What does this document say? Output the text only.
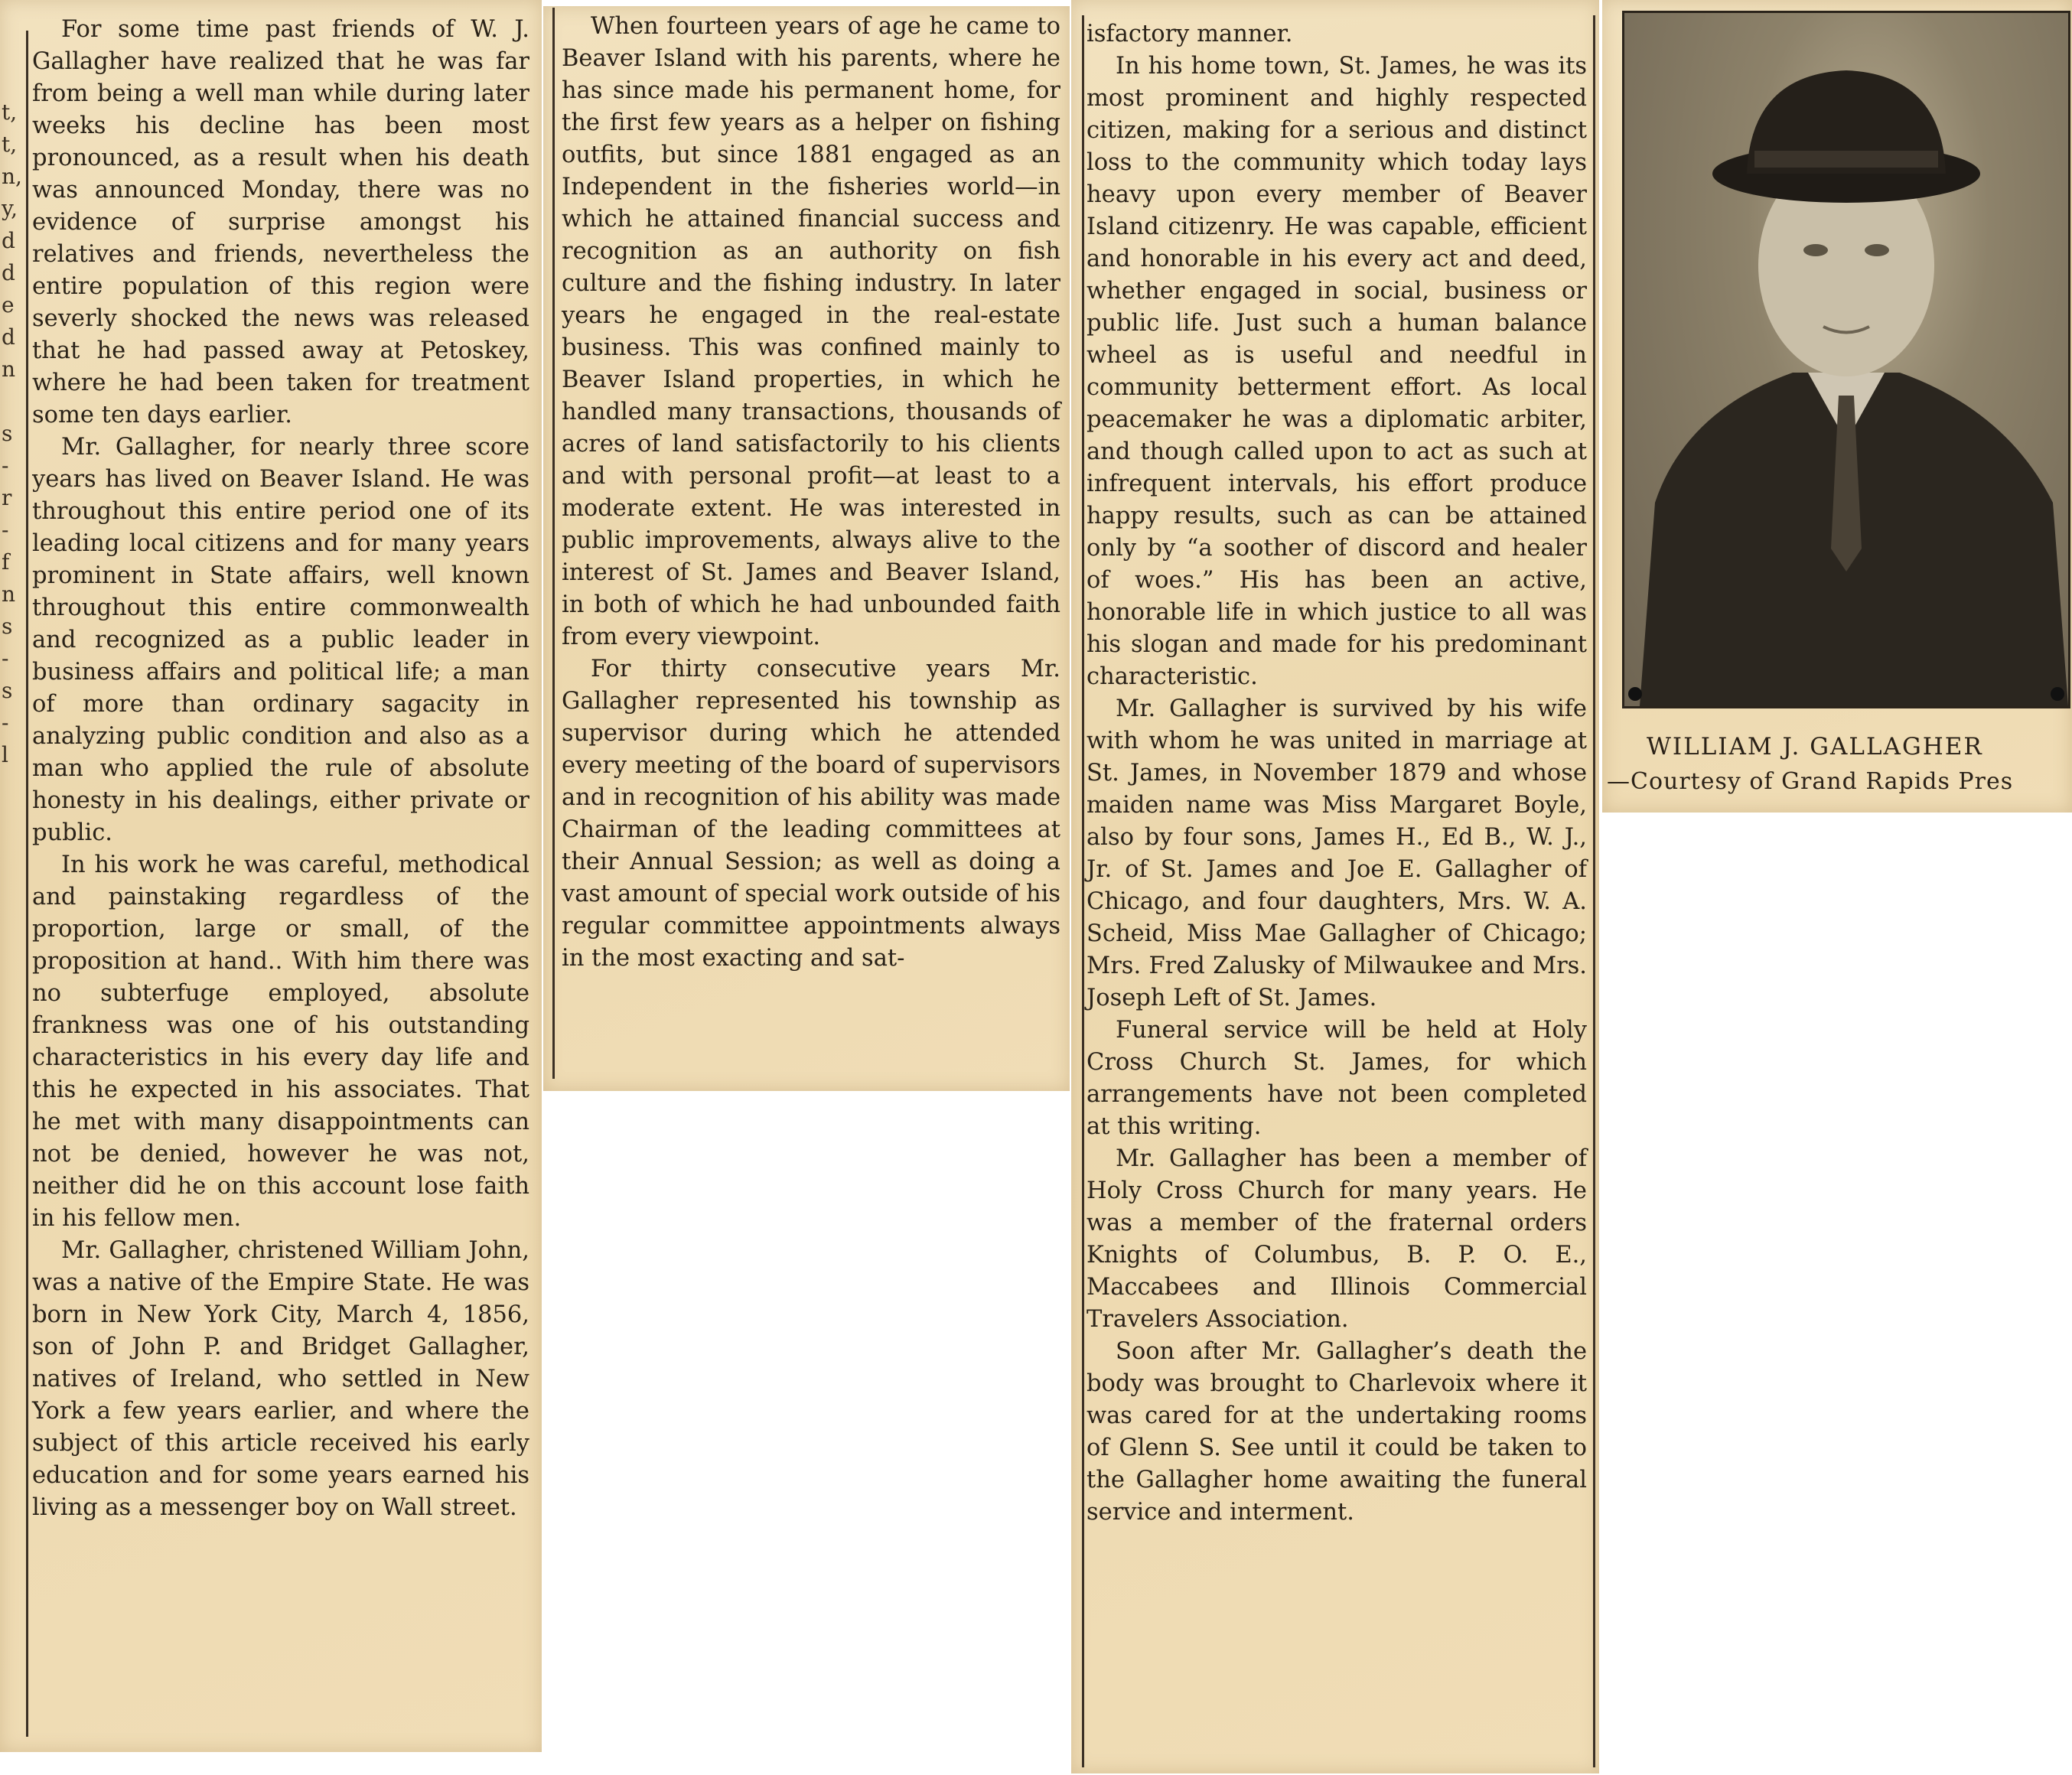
t,
t,
n,
y,
d
d
e
d
n

s
-
r
-
f
n
s
-
s
-
l

For some time past friends of W. J. Gallagher have realized that he was far from being a well man while during later weeks his decline has been most pronounced, as a result when his death was announced Monday, there was no evidence of surprise amongst his relatives and friends, nevertheless the entire population of this region were severly shocked the news was released that he had passed away at Petoskey, where he had been taken for treatment some ten days earlier.

Mr. Gallagher, for nearly three score years has lived on Beaver Island. He was throughout this entire period one of its leading local citizens and for many years prominent in State affairs, well known throughout this entire commonwealth and recognized as a public leader in business affairs and political life; a man of more than ordinary sagacity in analyzing public condition and also as a man who applied the rule of absolute honesty in his dealings, either private or public.

In his work he was careful, methodical and painstaking regardless of the proportion, large or small, of the proposition at hand.. With him there was no subterfuge employed, absolute frankness was one of his outstanding characteristics in his every day life and this he expected in his associates. That he met with many disappointments can not be denied, however he was not, neither did he on this account lose faith in his fellow men.

Mr. Gallagher, christened William John, was a native of the Empire State. He was born in New York City, March 4, 1856, son of John P. and Bridget Gallagher, natives of Ireland, who settled in New York a few years earlier, and where the subject of this article received his early education and for some years earned his living as a messenger boy on Wall street.

When fourteen years of age he came to Beaver Island with his parents, where he has since made his permanent home, for the first few years as a helper on fishing outfits, but since 1881 engaged as an Independent in the fisheries world—in which he attained financial success and recognition as an authority on fish culture and the fishing industry. In later years he engaged in the real-estate business. This was confined mainly to Beaver Island properties, in which he handled many transactions, thousands of acres of land satisfactorily to his clients and with personal profit—at least to a moderate extent. He was interested in public improvements, always alive to the interest of St. James and Beaver Island, in both of which he had unbounded faith from every viewpoint.

For thirty consecutive years Mr. Gallagher represented his township as supervisor during which he attended every meeting of the board of supervisors and in recognition of his ability was made Chairman of the leading committees at their Annual Session; as well as doing a vast amount of special work outside of his regular committee appointments always in the most exacting and sat-

isfactory manner.

In his home town, St. James, he was its most prominent and highly respected citizen, making for a serious and distinct loss to the community which today lays heavy upon every member of Beaver Island citizenry. He was capable, efficient and honorable in his every act and deed, whether engaged in social, business or public life. Just such a human balance wheel as is useful and needful in community betterment effort. As local peacemaker he was a diplomatic arbiter, and though called upon to act as such at infrequent intervals, his effort produce happy results, such as can be attained only by “a soother of discord and healer of woes.” His has been an active, honorable life in which justice to all was his slogan and made for his predominant characteristic.

Mr. Gallagher is survived by his wife with whom he was united in marriage at St. James, in November 1879 and whose maiden name was Miss Margaret Boyle, also by four sons, James H., Ed B., W. J., Jr. of St. James and Joe E. Gallagher of Chicago, and four daughters, Mrs. W. A. Scheid, Miss Mae Gallagher of Chicago; Mrs. Fred Zalusky of Milwaukee and Mrs. Joseph Left of St. James.

Funeral service will be held at Holy Cross Church St. James, for which arrangements have not been completed at this writing.

Mr. Gallagher has been a member of Holy Cross Church for many years. He was a member of the fraternal orders Knights of Columbus, B. P. O. E., Maccabees and Illinois Commercial Travelers Association.

Soon after Mr. Gallagher’s death the body was brought to Charlevoix where it was cared for at the undertaking rooms of Glenn S. See until it could be taken to the Gallagher home awaiting the funeral service and interment.

WILLIAM J. GALLAGHER
—Courtesy of Grand Rapids Pres
